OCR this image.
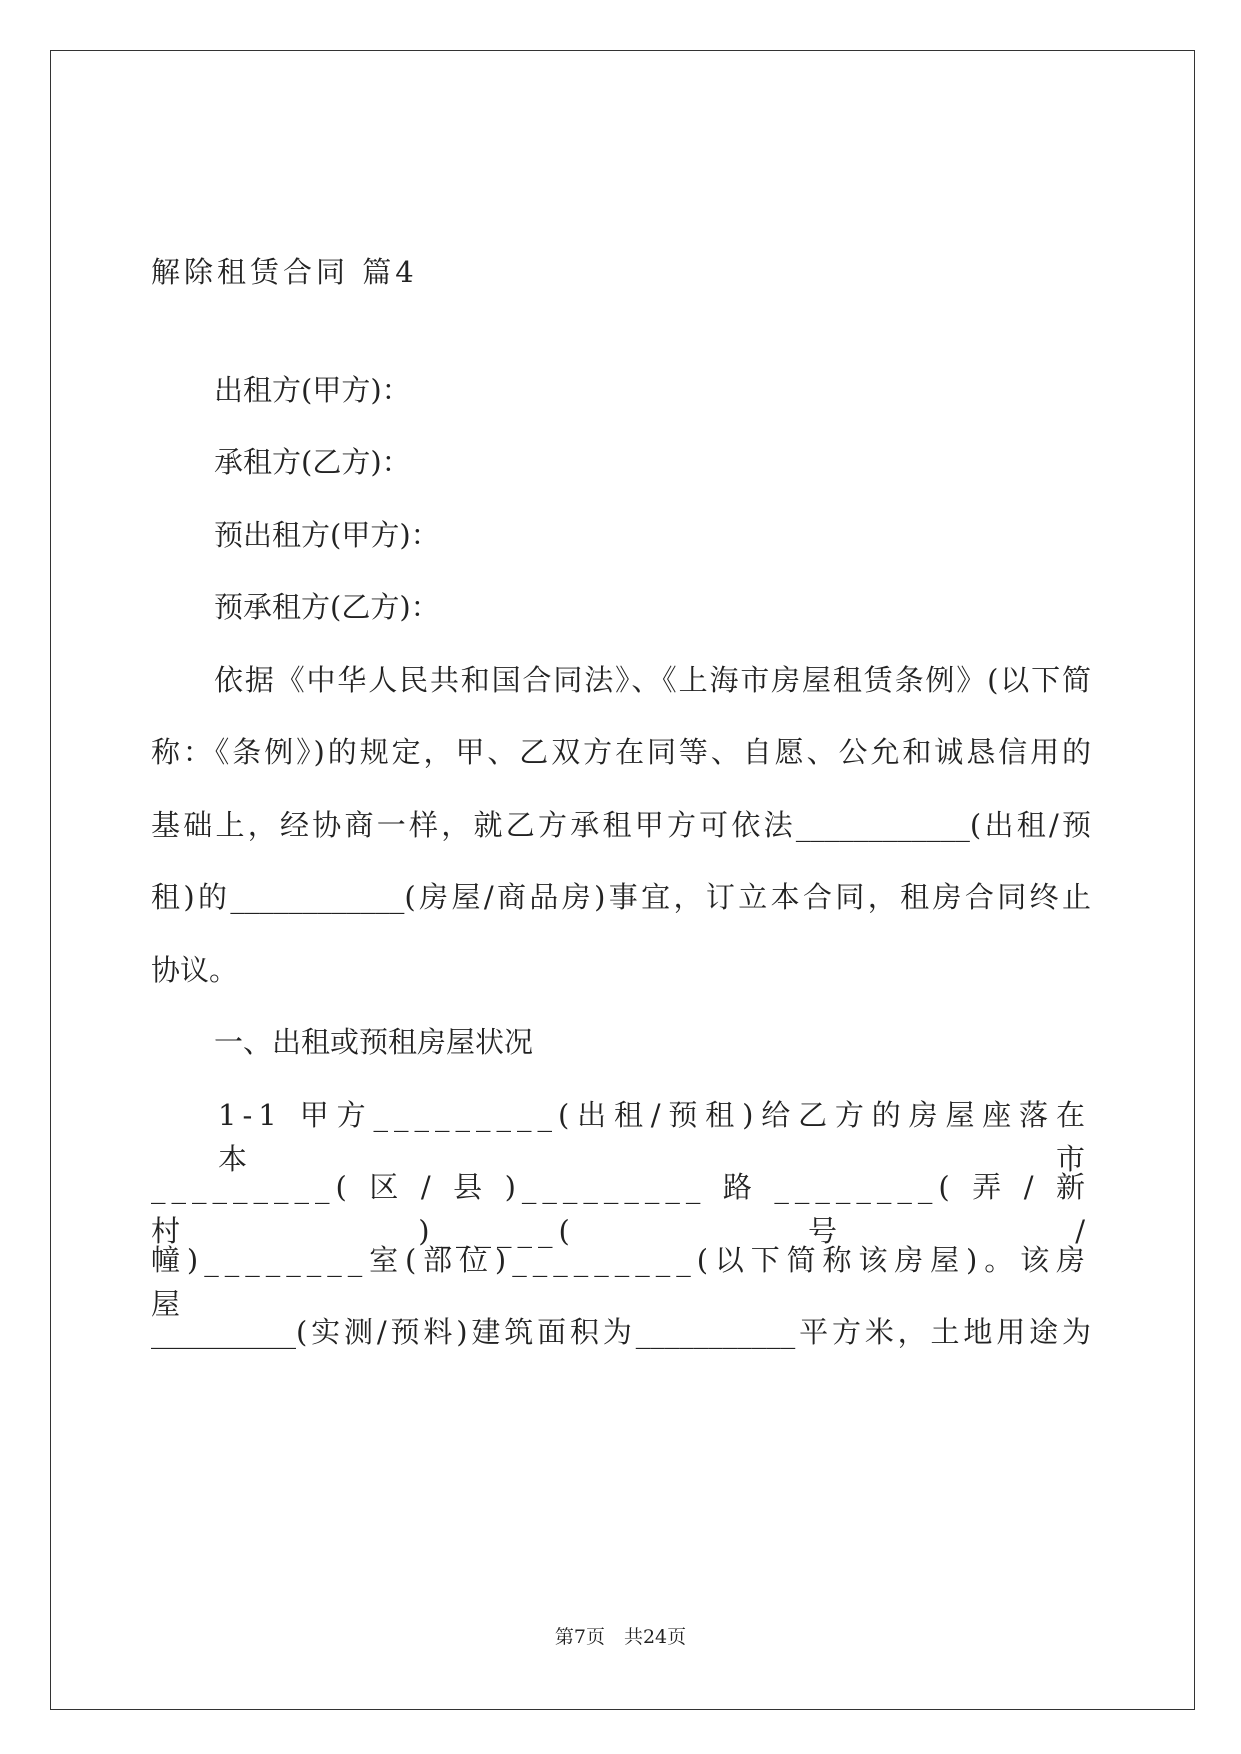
解除租赁合同 篇4
出租方(甲方)：
承租方(乙方)：
预出租方(甲方)：
预承租方(乙方)：
依据《中华人民共和国合同法》、《上海市房屋租赁条例》(以下简
称：《条例》)的规定，甲、乙双方在同等、自愿、公允和诚恳信用的
基础上，经协商一样，就乙方承租甲方可依法____________(出租/预
租)的____________(房屋/商品房)事宜，订立本合同，租房合同终止
协议。
一、出租或预租房屋状况
1-1 甲方_________(出租/预租)给乙方的房屋座落在本市
_________(区/县)_________路________(弄/新村)______(号/
幢)________室(部位)_________(以下简称该房屋)。该房屋
__________(实测/预料)建筑面积为___________平方米，土地用途为
第7页　共24页
